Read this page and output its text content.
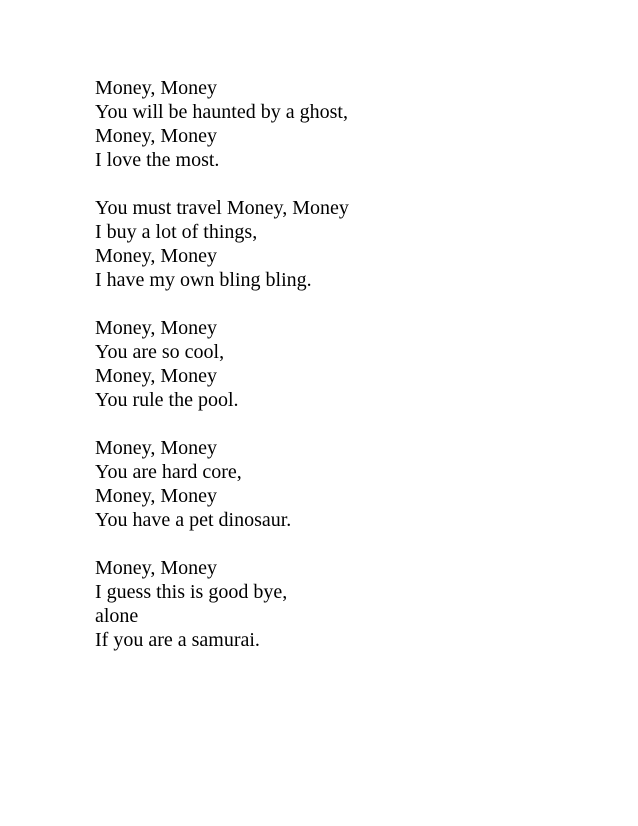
Money, Money
You will be haunted by a ghost,
Money, Money
I love the most.
You must travel Money, Money
I buy a lot of things,
Money, Money
I have my own bling bling.
Money, Money
You are so cool,
Money, Money
You rule the pool.
Money, Money
You are hard core,
Money, Money
You have a pet dinosaur.
Money, Money
I guess this is good bye,
alone
If you are a samurai.
